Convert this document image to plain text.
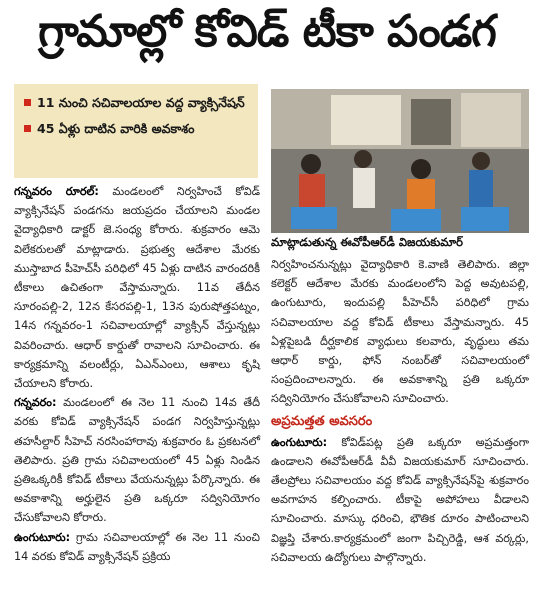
గ్రామాల్లో కోవిడ్ టీకా పండగ
11 నుంచి సచివాలయాల వద్ద వ్యాక్సినేషన్
45 ఏళ్లు దాటిన వారికి అవకాశం
మాట్లాడుతున్న ఈవోపీఆర్‌డీ విజయకుమార్

గన్నవరం రూరల్: మండలంలో నిర్వహించే కోవిడ్ వ్యాక్సినేషన్ పండగను జయప్రదం చేయాలని మండల వైద్యాధికారి డాక్టర్ జె.సంధ్య కోరారు. శుక్రవారం ఆమె విలేకరులతో మాట్లాడారు. ప్రభుత్వ ఆదేశాల మేరకు ముస్తాబాద పీహెచ్‌సీ పరిధిలో 45 ఏళ్లు దాటిన వారందరికీ టీకాలు ఉచితంగా వేస్తామన్నారు. 11వ తేదీన సూరంపల్లి-2, 12న కేసరపల్లి-1, 13న పురుషోత్తపట్నం, 14న గన్నవరం-1 సచివాలయాల్లో వ్యాక్సిన్ వేస్తున్నట్లు వివరించారు. ఆధార్ కార్డుతో రావాలని సూచించారు. ఈ కార్యక్రమాన్ని వలంటీర్లు, ఏఎన్‌ఎంలు, ఆశాలు కృషి చేయాలని కోరారు.

గన్నవరం: మండలంలో ఈ నెల 11 నుంచి 14వ తేదీ వరకు కోవిడ్ వ్యాక్సినేషన్ పండగ నిర్వహిస్తున్నట్లు తహసీల్దార్ సీహెచ్ నరసింహారావు శుక్రవారం ఓ ప్రకటనలో తెలిపారు. ప్రతి గ్రామ సచివాలయంలో 45 ఏళ్లు నిండిన ప్రతిఒక్కరికీ కోవిడ్ టీకాలు వేయనున్నట్లు పేర్కొన్నారు. ఈ అవకాశాన్ని అర్హులైన ప్రతి ఒక్కరూ సద్వినియోగం చేసుకోవాలని కోరారు.

ఉంగుటూరు: గ్రామ సచివాలయాల్లో ఈ నెల 11 నుంచి 14 వరకు కోవిడ్ వ్యాక్సినేషన్ ప్రక్రియ

నిర్వహించనున్నట్లు వైద్యాధికారి కె.వాణి తెలిపారు. జిల్లా కలెక్టర్ ఆదేశాల మేరకు మండలంలోని పెద్ద అవుటపల్లి, ఉంగుటూరు, ఇందుపల్లి పీహెచ్‌సీ పరిధిలో గ్రామ సచివాలయాల వద్ద కోవిడ్ టీకాలు వేస్తామన్నారు. 45 ఏళ్లపైబడి దీర్ఘకాలిక వ్యాధులు కలవారు, వృద్ధులు తమ ఆధార్ కార్డు, ఫోన్ నంబర్‌తో సచివాలయంలో సంప్రదించాలన్నారు. ఈ అవకాశాన్ని ప్రతి ఒక్కరూ సద్వినియోగం చేసుకోవాలని సూచించారు.

అప్రమత్తత అవసరం

ఉంగుటూరు: కోవిడ్‌పట్ల ప్రతి ఒక్కరూ అప్రమత్తంగా ఉండాలని ఈవోపీఆర్‌డీ వీవీ విజయకుమార్ సూచించారు. తేలప్రోలు సచివాలయం వద్ద కోవిడ్ వ్యాక్సినేషన్‌పై శుక్రవారం అవగాహన కల్పించారు. టీకాపై అపోహలు వీడాలని సూచించారు. మాస్కు ధరించి, భౌతిక దూరం పాటించాలని విజ్ఞప్తి చేశారు.కార్యక్రమంలో జంగా పిచ్చిరెడ్డి, ఆశ వర్కర్లు, సచివాలయ ఉద్యోగులు పాల్గొన్నారు.
